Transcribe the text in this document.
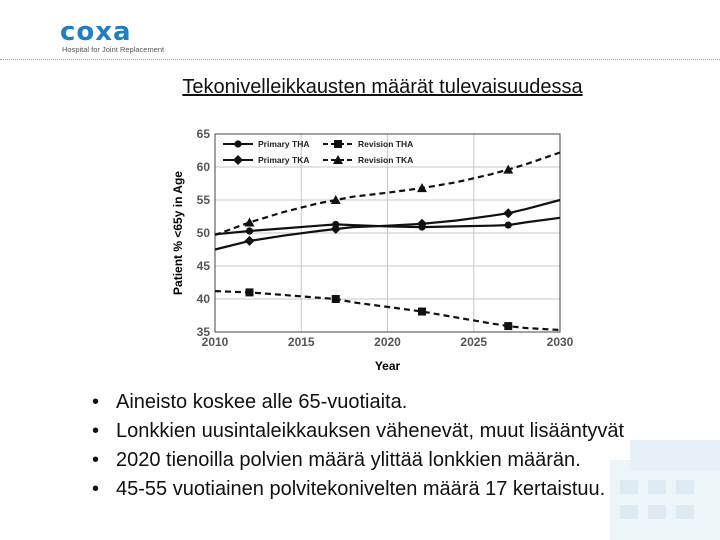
coxa
Hospital for Joint Replacement
Tekonivelleikkausten määrät tulevaisuudessa
2010	2015	2020	2025	2030
35
40
45
50
55
60
65
Primary THA	Revision THA
Primary TKA	Revision TKA
Year
Patient % <65y in Age
• Aineisto koskee alle 65-vuotiaita.
• Lonkkien uusintaleikkauksen vähenevät, muut lisääntyvät
• 2020 tienoilla polvien määrä ylittää lonkkien määrän.
• 45-55 vuotiainen polvitekonivelten määrä 17 kertaistuu.
